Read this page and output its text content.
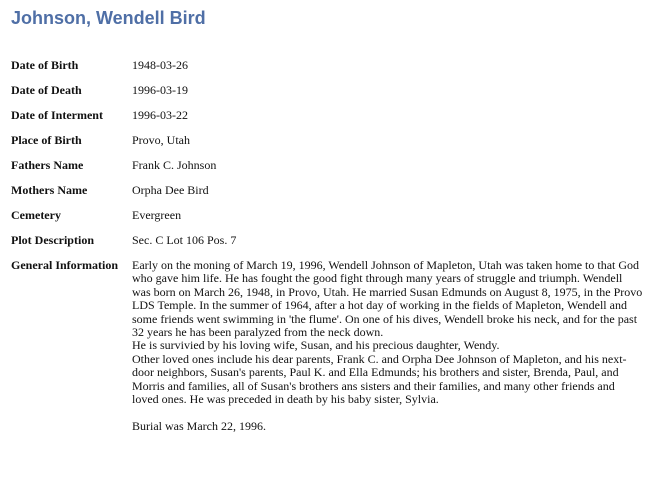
Johnson, Wendell Bird
Date of Birth	1948-03-26
Date of Death	1996-03-19
Date of Interment	1996-03-22
Place of Birth	Provo, Utah
Fathers Name	Frank C. Johnson
Mothers Name	Orpha Dee Bird
Cemetery	Evergreen
Plot Description	Sec. C Lot 106 Pos. 7
General Information	Early on the moning of March 19, 1996, Wendell Johnson of Mapleton, Utah was taken home to that God who gave him life. He has fought the good fight through many years of struggle and triumph. Wendell was born on March 26, 1948, in Provo, Utah. He married Susan Edmunds on August 8, 1975, in the Provo LDS Temple. In the summer of 1964, after a hot day of working in the fields of Mapleton, Wendell and some friends went swimming in 'the flume'. On one of his dives, Wendell broke his neck, and for the past 32 years he has been paralyzed from the neck down.
He is survivied by his loving wife, Susan, and his precious daughter, Wendy.
Other loved ones include his dear parents, Frank C. and Orpha Dee Johnson of Mapleton, and his next-door neighbors, Susan's parents, Paul K. and Ella Edmunds; his brothers and sister, Brenda, Paul, and Morris and families, all of Susan's brothers ans sisters and their families, and many other friends and loved ones. He was preceded in death by his baby sister, Sylvia.
Burial was March 22, 1996.
